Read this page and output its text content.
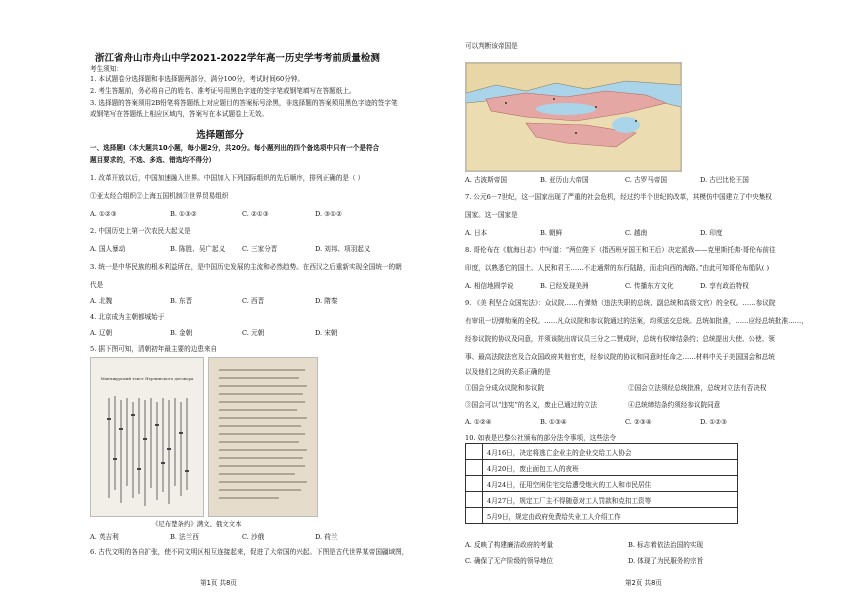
浙江省舟山市舟山中学2021-2022学年高一历史学考考前质量检测
考生须知：
1. 本试题卷分选择题和非选择题两部分，满分100分，考试时间60分钟。
2. 考生答题前，务必将自己的姓名、准考证号用黑色字迹的签字笔或钢笔填写在答题纸上。
3. 选择题的答案须用2B铅笔将答题纸上对应题目的答案标号涂黑，非选择题的答案须用黑色字迹的签字笔
或钢笔写在答题纸上相应区域内，答案写在本试题卷上无效。
选择题部分
一、选择题Ⅰ（本大题共10小题，每小题2分，共20分。每小题列出的四个备选项中只有一个是符合
题目要求的，不选、多选、错选均不得分）
1. 改革开放以后，中国加速融入世界。中国加入下列国际组织的先后顺序，排列正确的是（ ）
①亚太经合组织②上海五国机制③世界贸易组织
A. ①②③	B. ①③②	C. ②①③	D. ③①②
2. 中国历史上第一次农民大起义是
A. 国人暴动	B. 陈胜、吴广起义	C. 三家分晋	D. 刘邦、项羽起义
3. 统一是中华民族的根本利益所在，是中国历史发展的主流和必然趋势。在西汉之后重新实现全国统一的朝
代是
A. 北魏	B. 东晋	C. 西晋	D. 隋秦
4. 北京成为主朝都城始于
A. 辽朝	B. 金朝	C. 元朝	D. 宋朝
5. 据下图可知，清朝初年最主要的边患来自
Манчжурский текст Нерчинского договора
《尼布楚条约》满文、俄文文本
A. 英吉利	B. 法兰西	C. 沙俄	D. 荷兰
6. 古代文明的各自扩张，使不同文明区相互连接起来，促进了大帝国的兴起。下图是古代世界某帝国疆域图，
第1页 共8页
可以判断该帝国是
A. 古波斯帝国	B. 亚历山大帝国	C. 古罗马帝国	D. 古巴比伦王国
7. 公元6－7世纪，这一国家出现了严重的社会危机，经过约半个世纪的改革，其模仿中国建立了中央集权
国家。这一国家是
A. 日本	B. 朝鲜	C. 越南	D. 印度
8. 哥伦布在《航海日志》中写道：“两位陛下（指西班牙国王和王后）决定派我——克里斯托弗·哥伦布前往
印度，以熟悉它的国土、人民和君王……不走通常的东行陆路，而走向西的海路。”由此可知哥伦布船队( )
A. 相信地圆学说	B. 已经发现美洲	C. 传播东方文化	D. 享有政治特权
9. 《美 利坚合众国宪法》：众议院……有弹劾（违法失职的总统、副总统和高级文官）的全权。……参议院
有审讯一切弹劾案的全权。……凡众议院和参议院通过的法案，均须送交总统。总统如批准，……应经总统批准……，
经参议院的协议及同意，并须该院出席议员三分之二赞成时，总统有权缔结条约；总统提出大使、公使、领
事、最高法院法官及合众国政府其他官吏，经参议院的协议和同意时任命之……材料中关于美国国会和总统
以及他们之间的关系正确的是
①国会分成众议院和参议院	②国会立法须经总统批准，总统对立法有否决权
③国会可以“违宪”的名义，废止已通过的立法	④总统缔结条约须经参议院同意
A. ①②④	B. ①③④	C. ②③④	D. ①②③
10. 如表是巴黎公社颁布的部分法令事项，这些法令
A. 反映了构建廉洁政府的考量	B. 标志着依法治国的实现
C. 确保了无产阶级的领导地位	D. 体现了为民服务的宗旨
第2页 共8页
	4月16日，决定将逃亡企业主的企业交给工人协会
	4月20日，废止面包工人的夜班
	4月24日，征用空闲住宅交给遭受炮火的工人和市民居住
	4月27日，规定工厂主不得随意对工人罚款和克扣工资等
	5月9日，规定由政府免费给失业工人介绍工作
